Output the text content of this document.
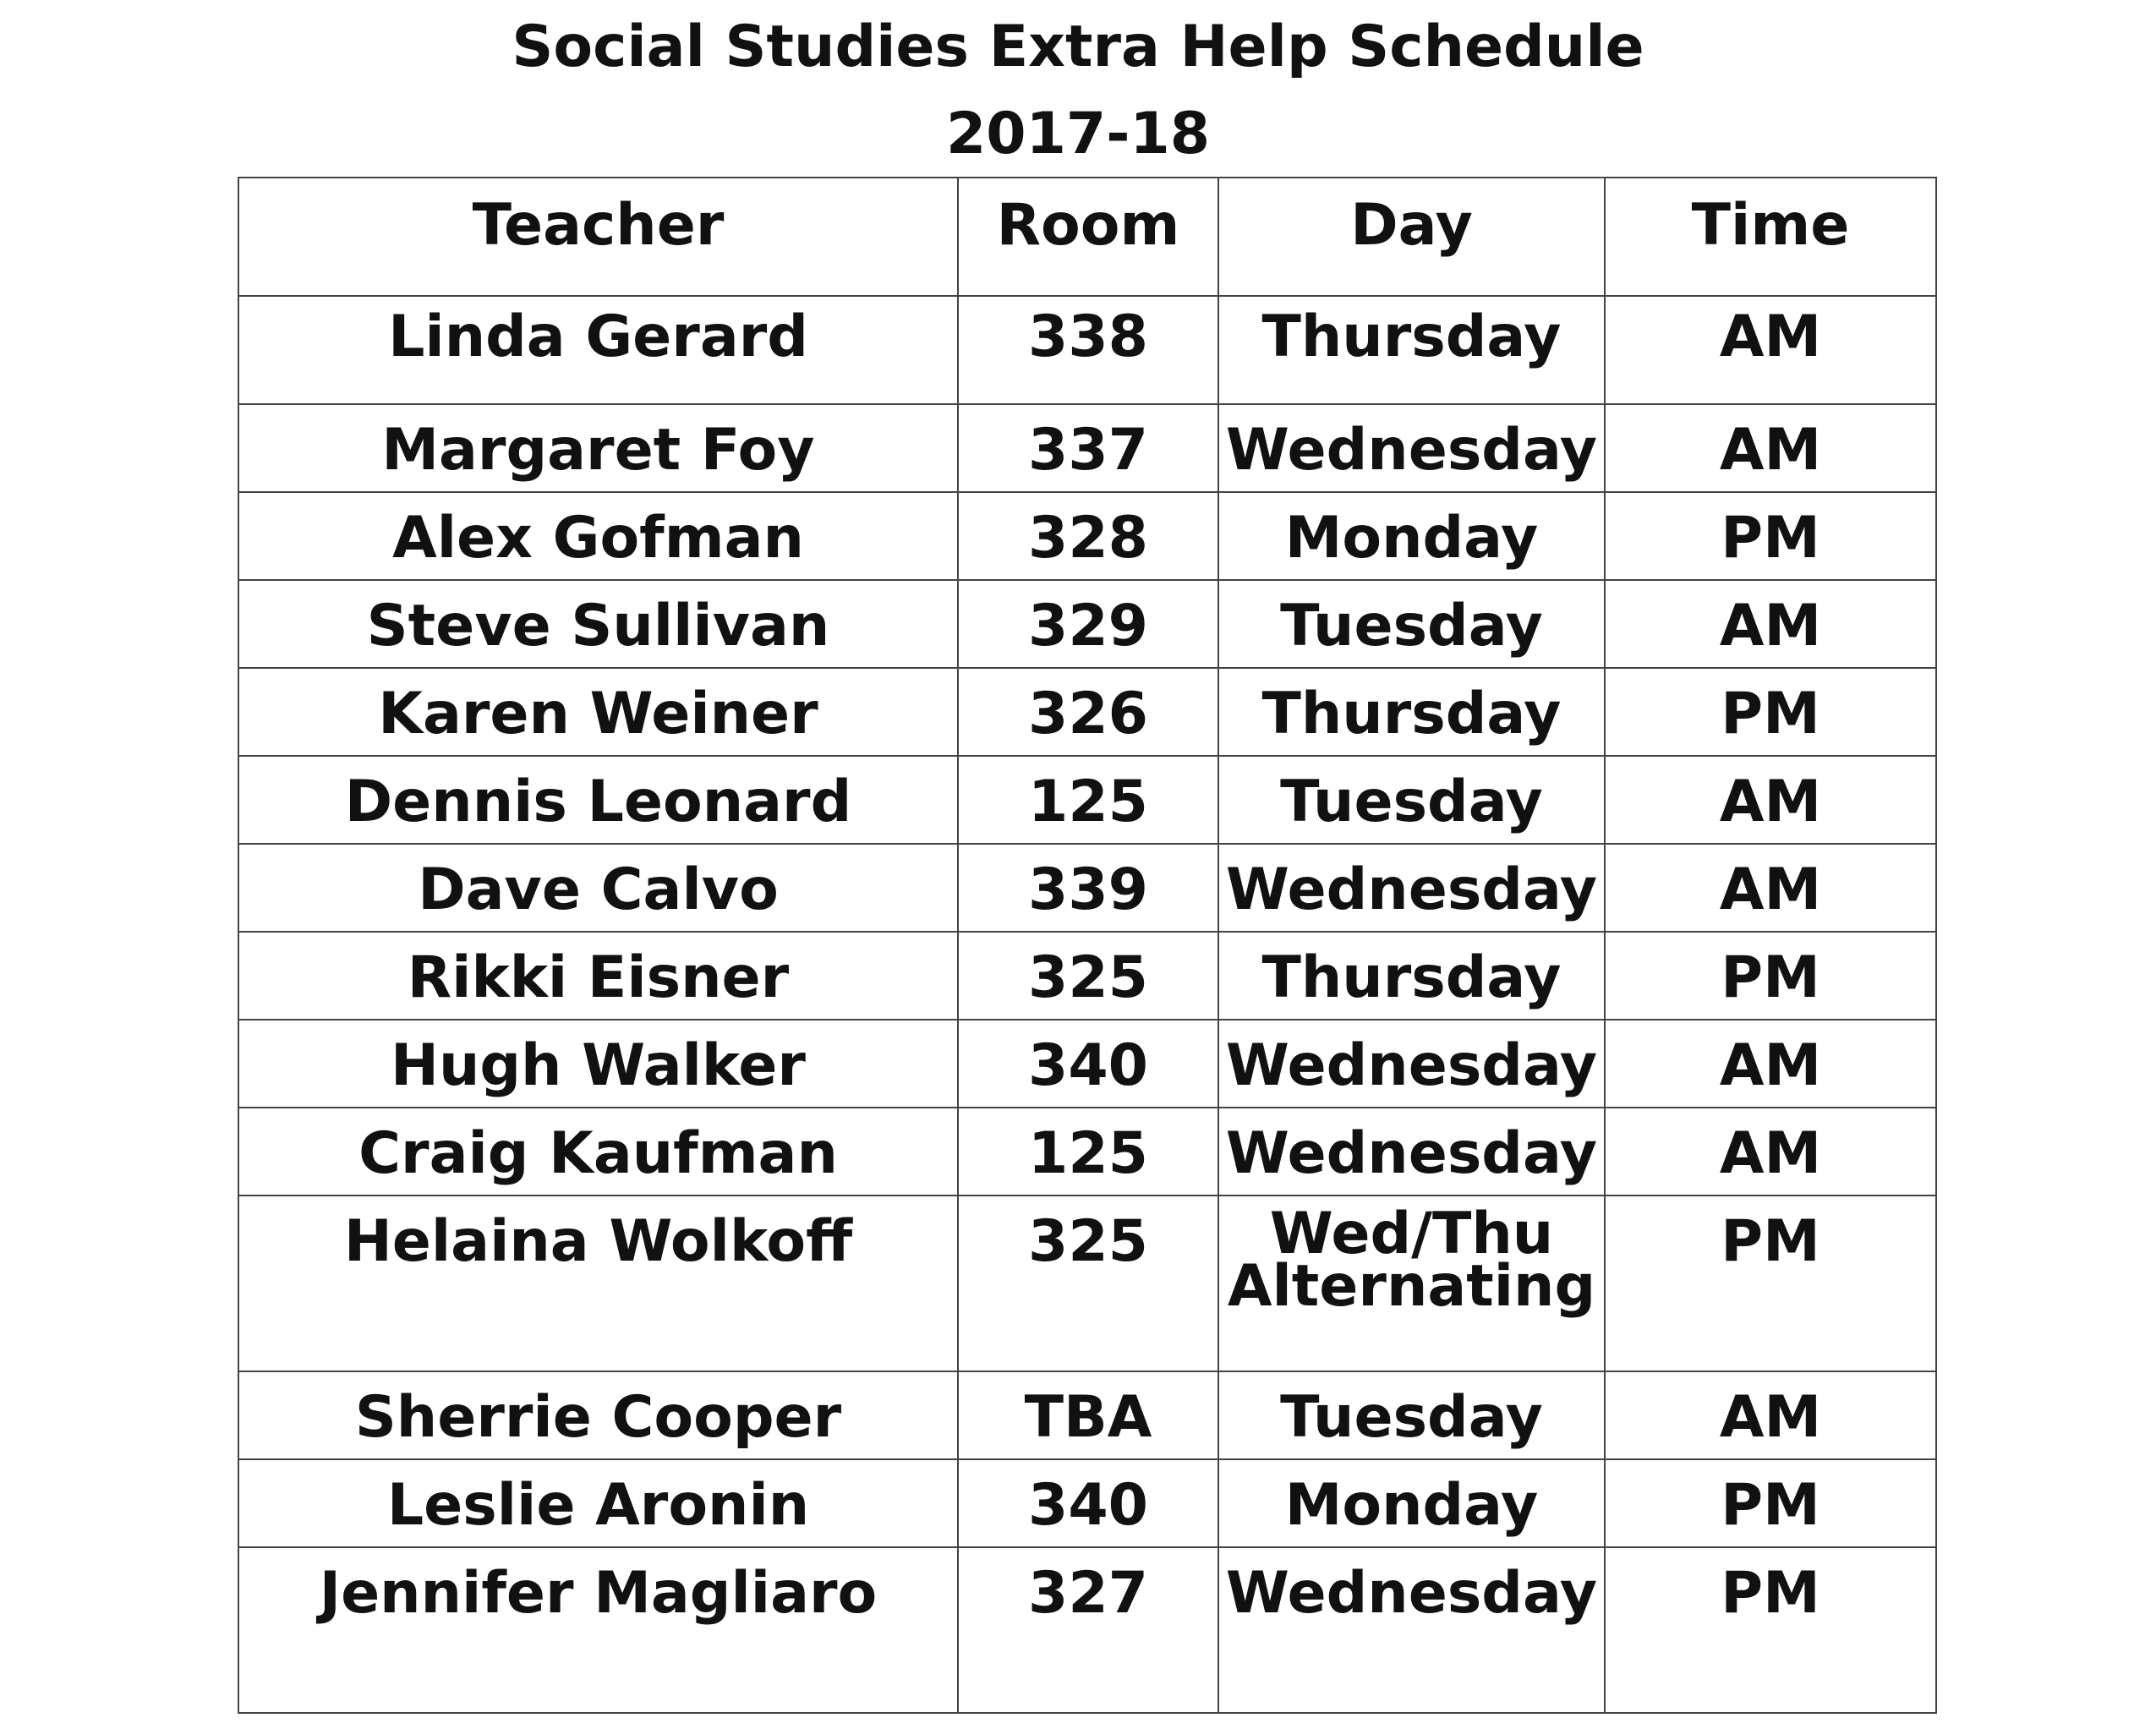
Social Studies Extra Help Schedule
2017-18
Teacher	Room	Day	Time

Linda Gerard	338	Thursday	AM

Margaret Foy	337	Wednesday	AM

Alex Gofman	328	Monday	PM

Steve Sullivan	329	Tuesday	AM

Karen Weiner	326	Thursday	PM

Dennis Leonard	125	Tuesday	AM

Dave Calvo	339	Wednesday	AM

Rikki Eisner	325	Thursday	PM

Hugh Walker	340	Wednesday	AM

Craig Kaufman	125	Wednesday	AM

Helaina Wolkoff	325	Wed/Thu Alternating	PM

Sherrie Cooper	TBA	Tuesday	AM

Leslie Aronin	340	Monday	PM

Jennifer Magliaro	327	Wednesday	PM
